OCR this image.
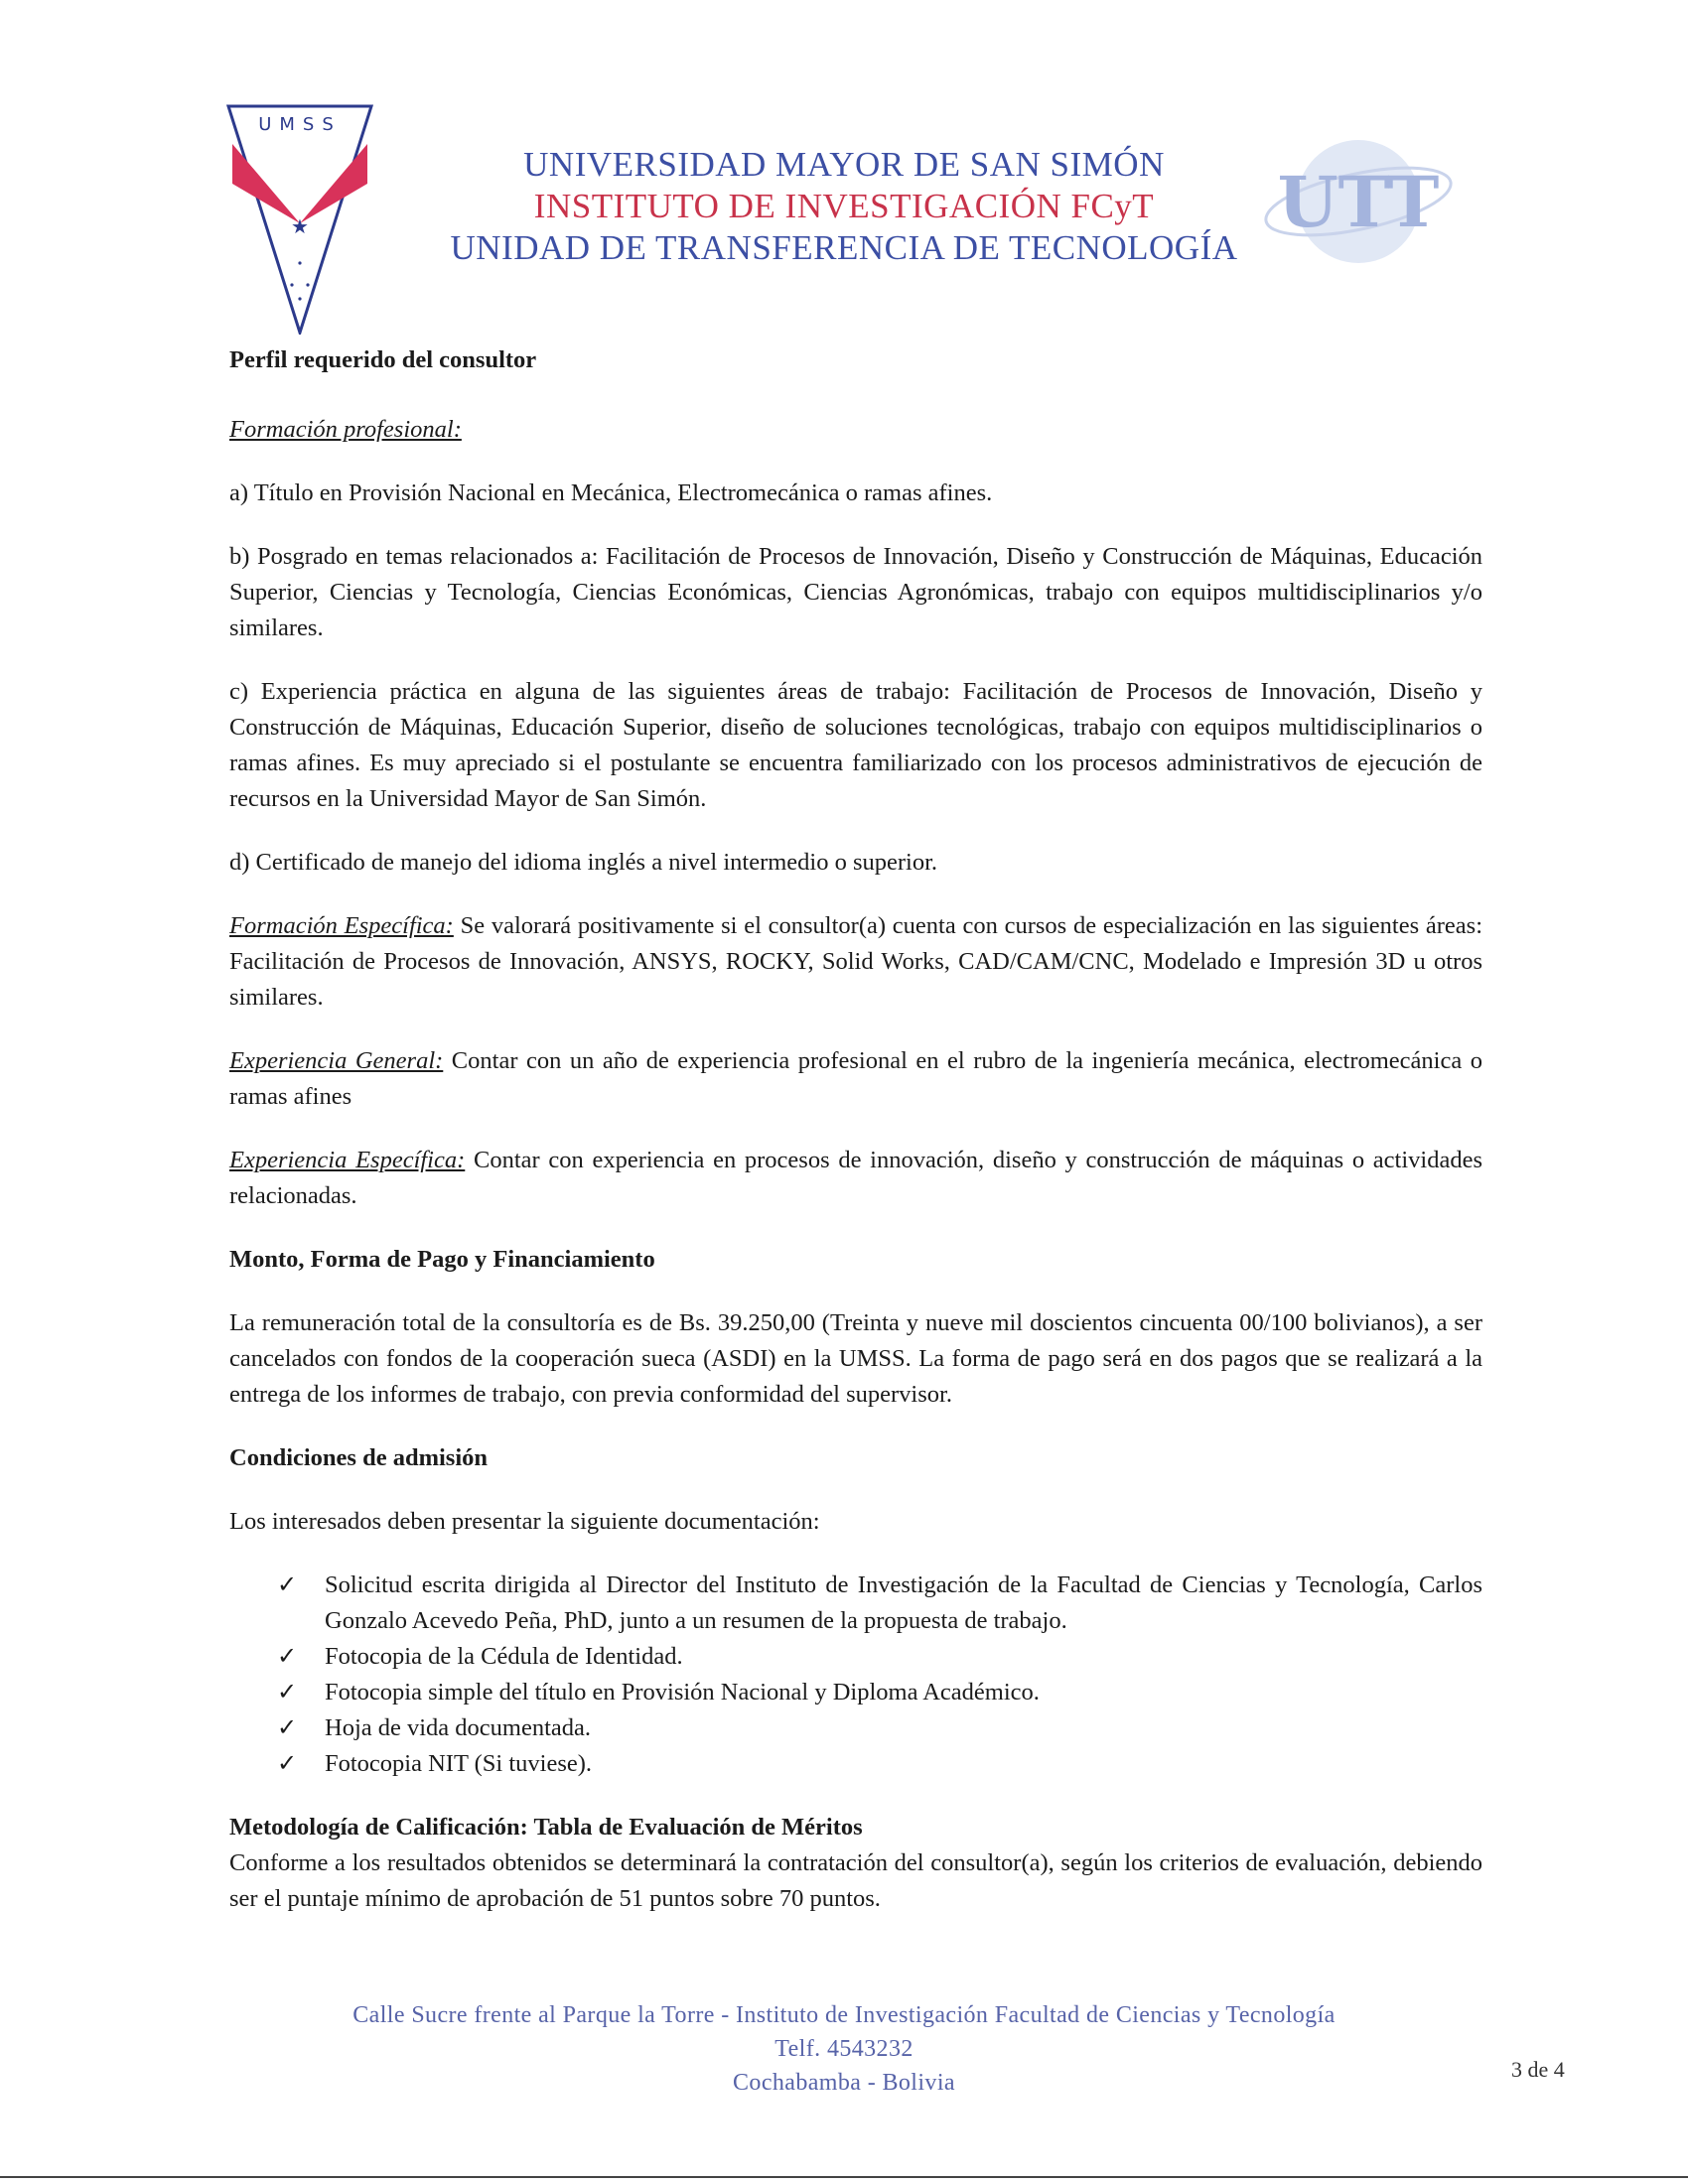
UMSS
★
UNIVERSIDAD MAYOR DE SAN SIMÓN
INSTITUTO DE INVESTIGACIÓN FCyT
UNIDAD DE TRANSFERENCIA DE TECNOLOGÍA
UTT
Perfil requerido del consultor
Formación profesional:

a) Título en Provisión Nacional en Mecánica, Electromecánica o ramas afines.

b) Posgrado en temas relacionados a: Facilitación de Procesos de Innovación, Diseño y Construcción de Máquinas, Educación Superior, Ciencias y Tecnología, Ciencias Económicas, Ciencias Agronómicas, trabajo con equipos multidisciplinarios y/o similares.

c) Experiencia práctica en alguna de las siguientes áreas de trabajo: Facilitación de Procesos de Innovación, Diseño y Construcción de Máquinas, Educación Superior, diseño de soluciones tecnológicas, trabajo con equipos multidisciplinarios o ramas afines. Es muy apreciado si el postulante se encuentra familiarizado con los procesos administrativos de ejecución de recursos en la Universidad Mayor de San Simón.

d) Certificado de manejo del idioma inglés a nivel intermedio o superior.

Formación Específica: Se valorará positivamente si el consultor(a) cuenta con cursos de especialización en las siguientes áreas: Facilitación de Procesos de Innovación, ANSYS, ROCKY, Solid Works, CAD/CAM/CNC, Modelado e Impresión 3D u otros similares.

Experiencia General: Contar con un año de experiencia profesional en el rubro de la ingeniería mecánica, electromecánica o ramas afines

Experiencia Específica: Contar con experiencia en procesos de innovación, diseño y construcción de máquinas o actividades relacionadas.

Monto, Forma de Pago y Financiamiento

La remuneración total de la consultoría es de Bs. 39.250,00 (Treinta y nueve mil doscientos cincuenta 00/100 bolivianos), a ser cancelados con fondos de la cooperación sueca (ASDI) en la UMSS. La forma de pago será en dos pagos que se realizará a la entrega de los informes de trabajo, con previa conformidad del supervisor.

Condiciones de admisión

Los interesados deben presentar la siguiente documentación:

✓ Solicitud escrita dirigida al Director del Instituto de Investigación de la Facultad de Ciencias y Tecnología, Carlos Gonzalo Acevedo Peña, PhD, junto a un resumen de la propuesta de trabajo.
✓ Fotocopia de la Cédula de Identidad.
✓ Fotocopia simple del título en Provisión Nacional y Diploma Académico.
✓ Hoja de vida documentada.
✓ Fotocopia NIT (Si tuviese).
Metodología de Calificación: Tabla de Evaluación de Méritos

Conforme a los resultados obtenidos se determinará la contratación del consultor(a), según los criterios de evaluación, debiendo ser el puntaje mínimo de aprobación de 51 puntos sobre 70 puntos.

Calle Sucre frente al Parque la Torre - Instituto de Investigación Facultad de Ciencias y Tecnología
Telf. 4543232
Cochabamba - Bolivia
3 de 4
